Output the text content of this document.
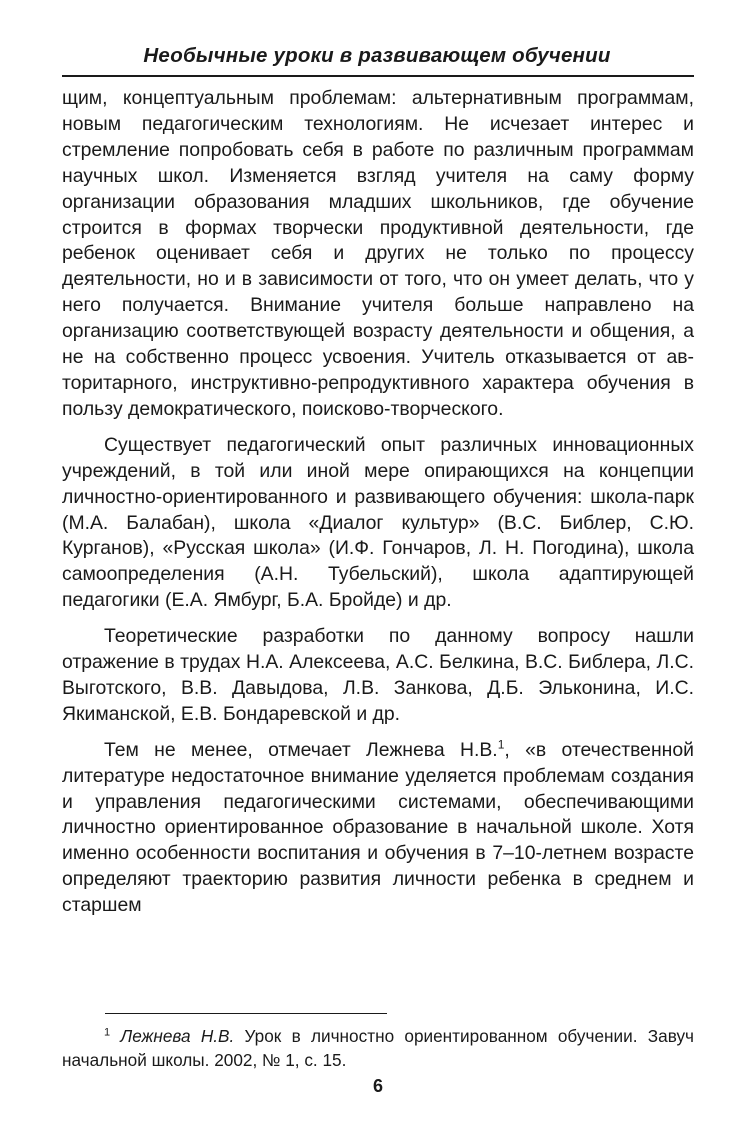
Необычные уроки в развивающем обучении

щим, концептуальным проблемам: альтернативным программам, новым педагогическим технологиям. Не исчезает интерес и стремление попробовать себя в работе по различным программам научных школ. Изменяется взгляд учителя на саму форму организации образования младших школьников, где обучение строится в формах творчески продуктивной деятельности, где ребенок оценивает себя и других не только по процессу деятельности, но и в зависимости от того, что он умеет делать, что у него получается. Внимание учителя больше направлено на организацию соответствующей возрасту деятельности и общения, а не на собственно процесс усвоения. Учитель отказывается от авторитарного, инструктивно-репродуктивного характера обучения в пользу демократического, поисково-творческого.

Существует педагогический опыт различных инновационных учреждений, в той или иной мере опирающихся на концепции личностно-ориентированного и развивающего обучения: школа-парк (М.А. Балабан), школа «Диалог культур» (В.С. Библер, С.Ю. Курганов), «Русская школа» (И.Ф. Гончаров, Л. Н. Погодина), школа самоопределения (А.Н. Тубельский), школа адаптирующей педагогики (Е.А. Ямбург, Б.А. Бройде) и др.

Теоретические разработки по данному вопросу нашли отражение в трудах Н.А. Алексеева, А.С. Белкина, В.С. Библера, Л.С. Выготского, В.В. Давыдова, Л.В. Занкова, Д.Б. Эльконина, И.С. Якиманской, Е.В. Бондаревской и др.

Тем не менее, отмечает Лежнева Н.В.$^1$, «в отечественной литературе недостаточное внимание уделяется проблемам создания и управления педагогическими системами, обеспечивающими личностно ориентированное образование в начальной школе. Хотя именно особенности воспитания и обучения в 7–10-летнем возрасте определяют траекторию развития личности ребенка в среднем и старшем

$^1$ Лежнева Н.В. Урок в личностно ориентированном обучении. Завуч начальной школы. 2002, № 1, с. 15.
6
